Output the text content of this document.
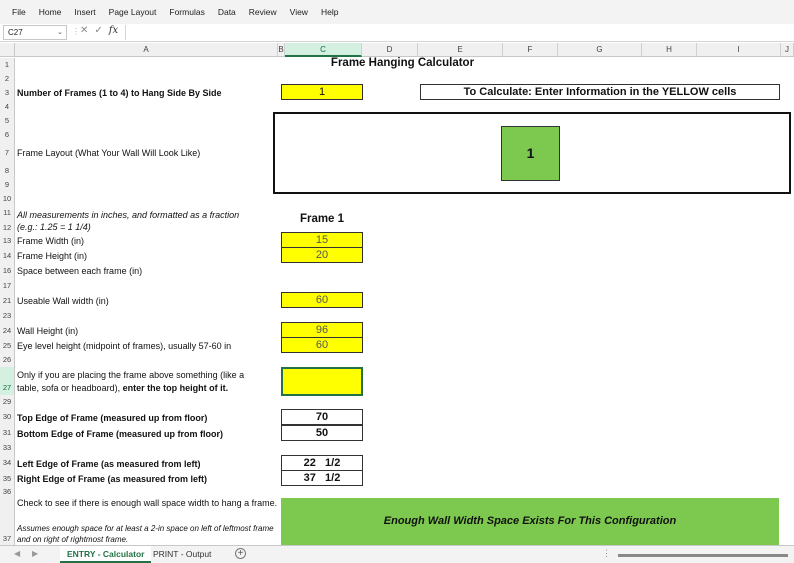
File Home Insert Page Layout Formulas Data Review View Help
C27	⌄ ⋮ ✕ ✓ fx
A	B	C	D	E	F	G	H	I	J
1
2
3
4
5
6
7
8
9
10
11
12
13
14
16
17
21
23
24
25
26
27
29
30
31
33
34
35
36
37
Frame Hanging Calculator
Number of Frames (1 to 4) to Hang Side By Side	1	To Calculate: Enter Information in the YELLOW cells
Frame Layout (What Your Wall Will Look Like)	1
All measurements in inches, and formatted as a fraction
(e.g.: 1.25 = 1 1/4)
Frame 1
Frame Width (in)	15
Frame Height (in)	20
Space between each frame (in)
Useable Wall width (in)	60
Wall Height (in)	96
Eye level height (midpoint of frames), usually 57-60 in	60
Only if you are placing the frame above something (like a
table, sofa or headboard), enter the top height of it.
Top Edge of Frame (measured up from floor)	70
Bottom Edge of Frame (measured up from floor)	50
Left Edge of Frame (as measured from left)	22   1/2
Right Edge of Frame (as measured from left)	37   1/2
Check to see if there is enough wall space width to hang a frame.
Assumes enough space for at least a 2-in space on left of leftmost frame and on right of rightmost frame.
Enough Wall Width Space Exists For This Configuration
◀ ▶	ENTRY - Calculator	PRINT - Output	+	⋮
